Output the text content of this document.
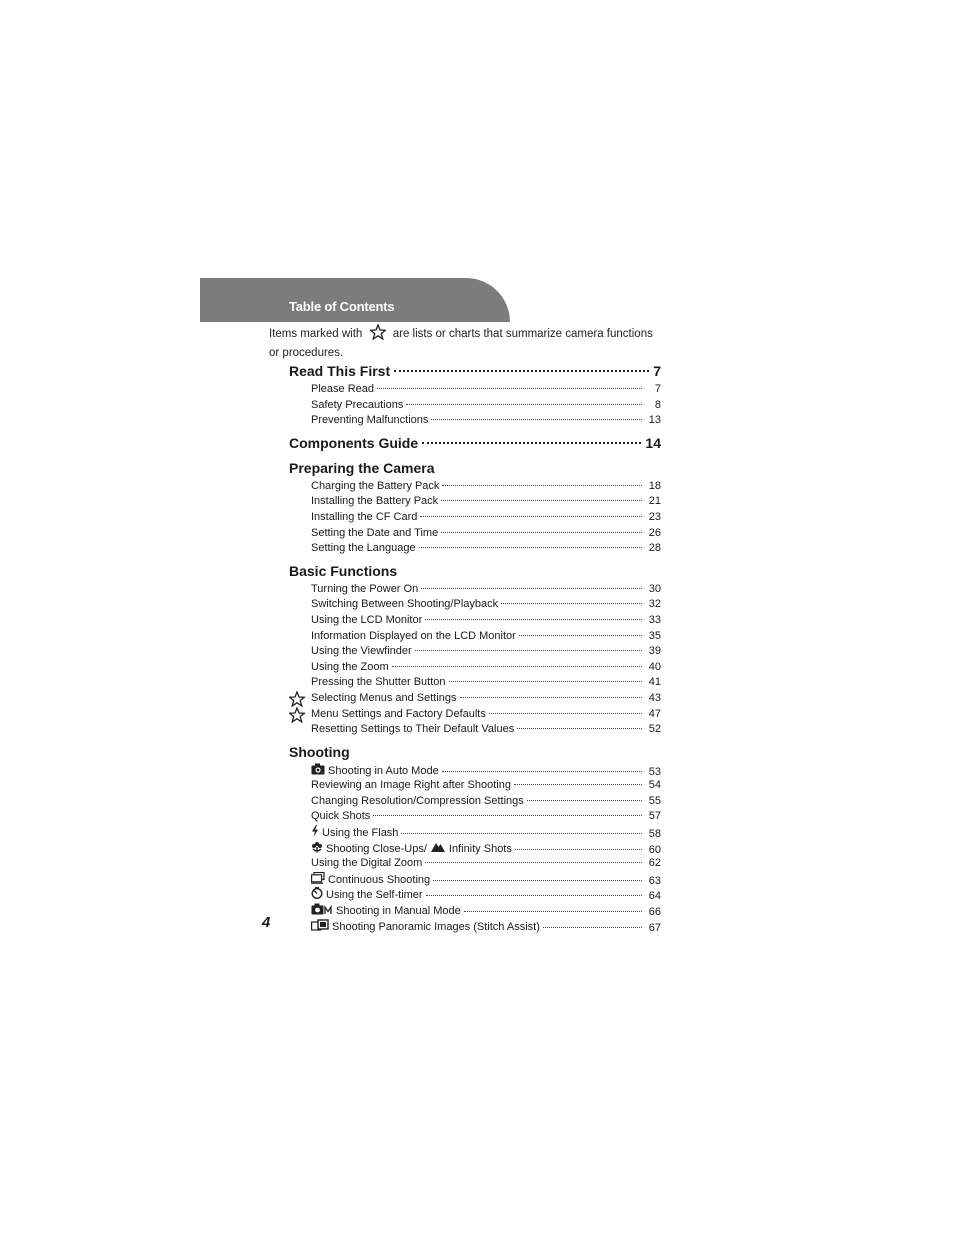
Table of Contents
Items marked with	are lists or charts that summarize camera functions or procedures.
Read This First	7
Please Read	7
Safety Precautions	8
Preventing Malfunctions	13
Components Guide	14
Preparing the Camera
Charging the Battery Pack	18
Installing the Battery Pack	21
Installing the CF Card	23
Setting the Date and Time	26
Setting the Language	28
Basic Functions
Turning the Power On	30
Switching Between Shooting/Playback	32
Using the LCD Monitor	33
Information Displayed on the LCD Monitor	35
Using the Viewfinder	39
Using the Zoom	40
Pressing the Shutter Button	41
Selecting Menus and Settings	43
Menu Settings and Factory Defaults	47
Resetting Settings to Their Default Values	52
Shooting
Shooting in Auto Mode	53
Reviewing an Image Right after Shooting	54
Changing Resolution/Compression Settings	55
Quick Shots	57
Using the Flash	58
Shooting Close-Ups/ Infinity Shots	60
Using the Digital Zoom	62
Continuous Shooting	63
Using the Self-timer	64
Shooting in Manual Mode	66
Shooting Panoramic Images (Stitch Assist)	67
4
